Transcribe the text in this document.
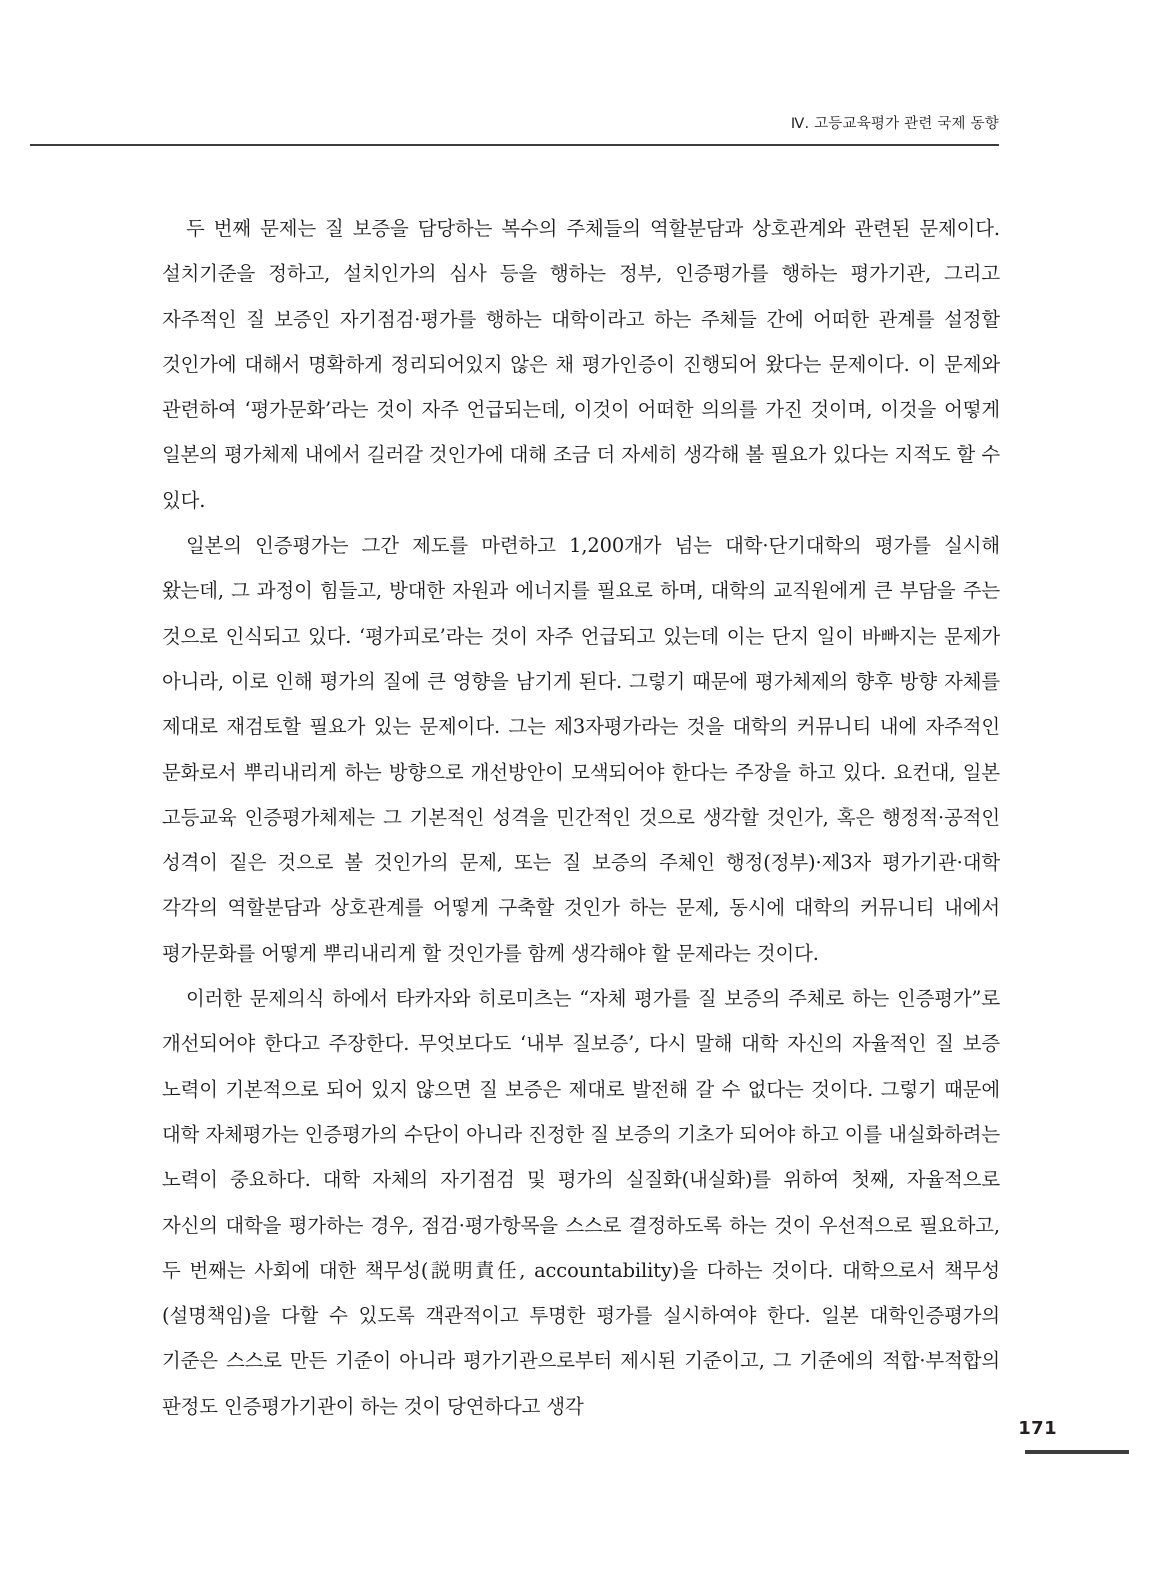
Ⅳ. 고등교육평가 관련 국제 동향

두 번째 문제는 질 보증을 담당하는 복수의 주체들의 역할분담과 상호관계와 관련된 문제이다. 설치기준을 정하고, 설치인가의 심사 등을 행하는 정부, 인증평가를 행하는 평가기관, 그리고 자주적인 질 보증인 자기점검·평가를 행하는 대학이라고 하는 주체들 간에 어떠한 관계를 설정할 것인가에 대해서 명확하게 정리되어있지 않은 채 평가인증이 진행되어 왔다는 문제이다. 이 문제와 관련하여 ‘평가문화’라는 것이 자주 언급되는데, 이것이 어떠한 의의를 가진 것이며, 이것을 어떻게 일본의 평가체제 내에서 길러갈 것인가에 대해 조금 더 자세히 생각해 볼 필요가 있다는 지적도 할 수 있다.

일본의 인증평가는 그간 제도를 마련하고 1,200개가 넘는 대학·단기대학의 평가를 실시해 왔는데, 그 과정이 힘들고, 방대한 자원과 에너지를 필요로 하며, 대학의 교직원에게 큰 부담을 주는 것으로 인식되고 있다. ‘평가피로’라는 것이 자주 언급되고 있는데 이는 단지 일이 바빠지는 문제가 아니라, 이로 인해 평가의 질에 큰 영향을 남기게 된다. 그렇기 때문에 평가체제의 향후 방향 자체를 제대로 재검토할 필요가 있는 문제이다. 그는 제3자평가라는 것을 대학의 커뮤니티 내에 자주적인 문화로서 뿌리내리게 하는 방향으로 개선방안이 모색되어야 한다는 주장을 하고 있다. 요컨대, 일본 고등교육 인증평가체제는 그 기본적인 성격을 민간적인 것으로 생각할 것인가, 혹은 행정적·공적인 성격이 짙은 것으로 볼 것인가의 문제, 또는 질 보증의 주체인 행정(정부)·제3자 평가기관·대학 각각의 역할분담과 상호관계를 어떻게 구축할 것인가 하는 문제, 동시에 대학의 커뮤니티 내에서 평가문화를 어떻게 뿌리내리게 할 것인가를 함께 생각해야 할 문제라는 것이다.

이러한 문제의식 하에서 타카자와 히로미츠는 “자체 평가를 질 보증의 주체로 하는 인증평가”로 개선되어야 한다고 주장한다. 무엇보다도 ‘내부 질보증’, 다시 말해 대학 자신의 자율적인 질 보증 노력이 기본적으로 되어 있지 않으면 질 보증은 제대로 발전해 갈 수 없다는 것이다. 그렇기 때문에 대학 자체평가는 인증평가의 수단이 아니라 진정한 질 보증의 기초가 되어야 하고 이를 내실화하려는 노력이 중요하다. 대학 자체의 자기점검 및 평가의 실질화(내실화)를 위하여 첫째, 자율적으로 자신의 대학을 평가하는 경우, 점검·평가항목을 스스로 결정하도록 하는 것이 우선적으로 필요하고, 두 번째는 사회에 대한 책무성(説明責任, accountability)을 다하는 것이다. 대학으로서 책무성(설명책임)을 다할 수 있도록 객관적이고 투명한 평가를 실시하여야 한다. 일본 대학인증평가의 기준은 스스로 만든 기준이 아니라 평가기관으로부터 제시된 기준이고, 그 기준에의 적합·부적합의 판정도 인증평가기관이 하는 것이 당연하다고 생각

171
